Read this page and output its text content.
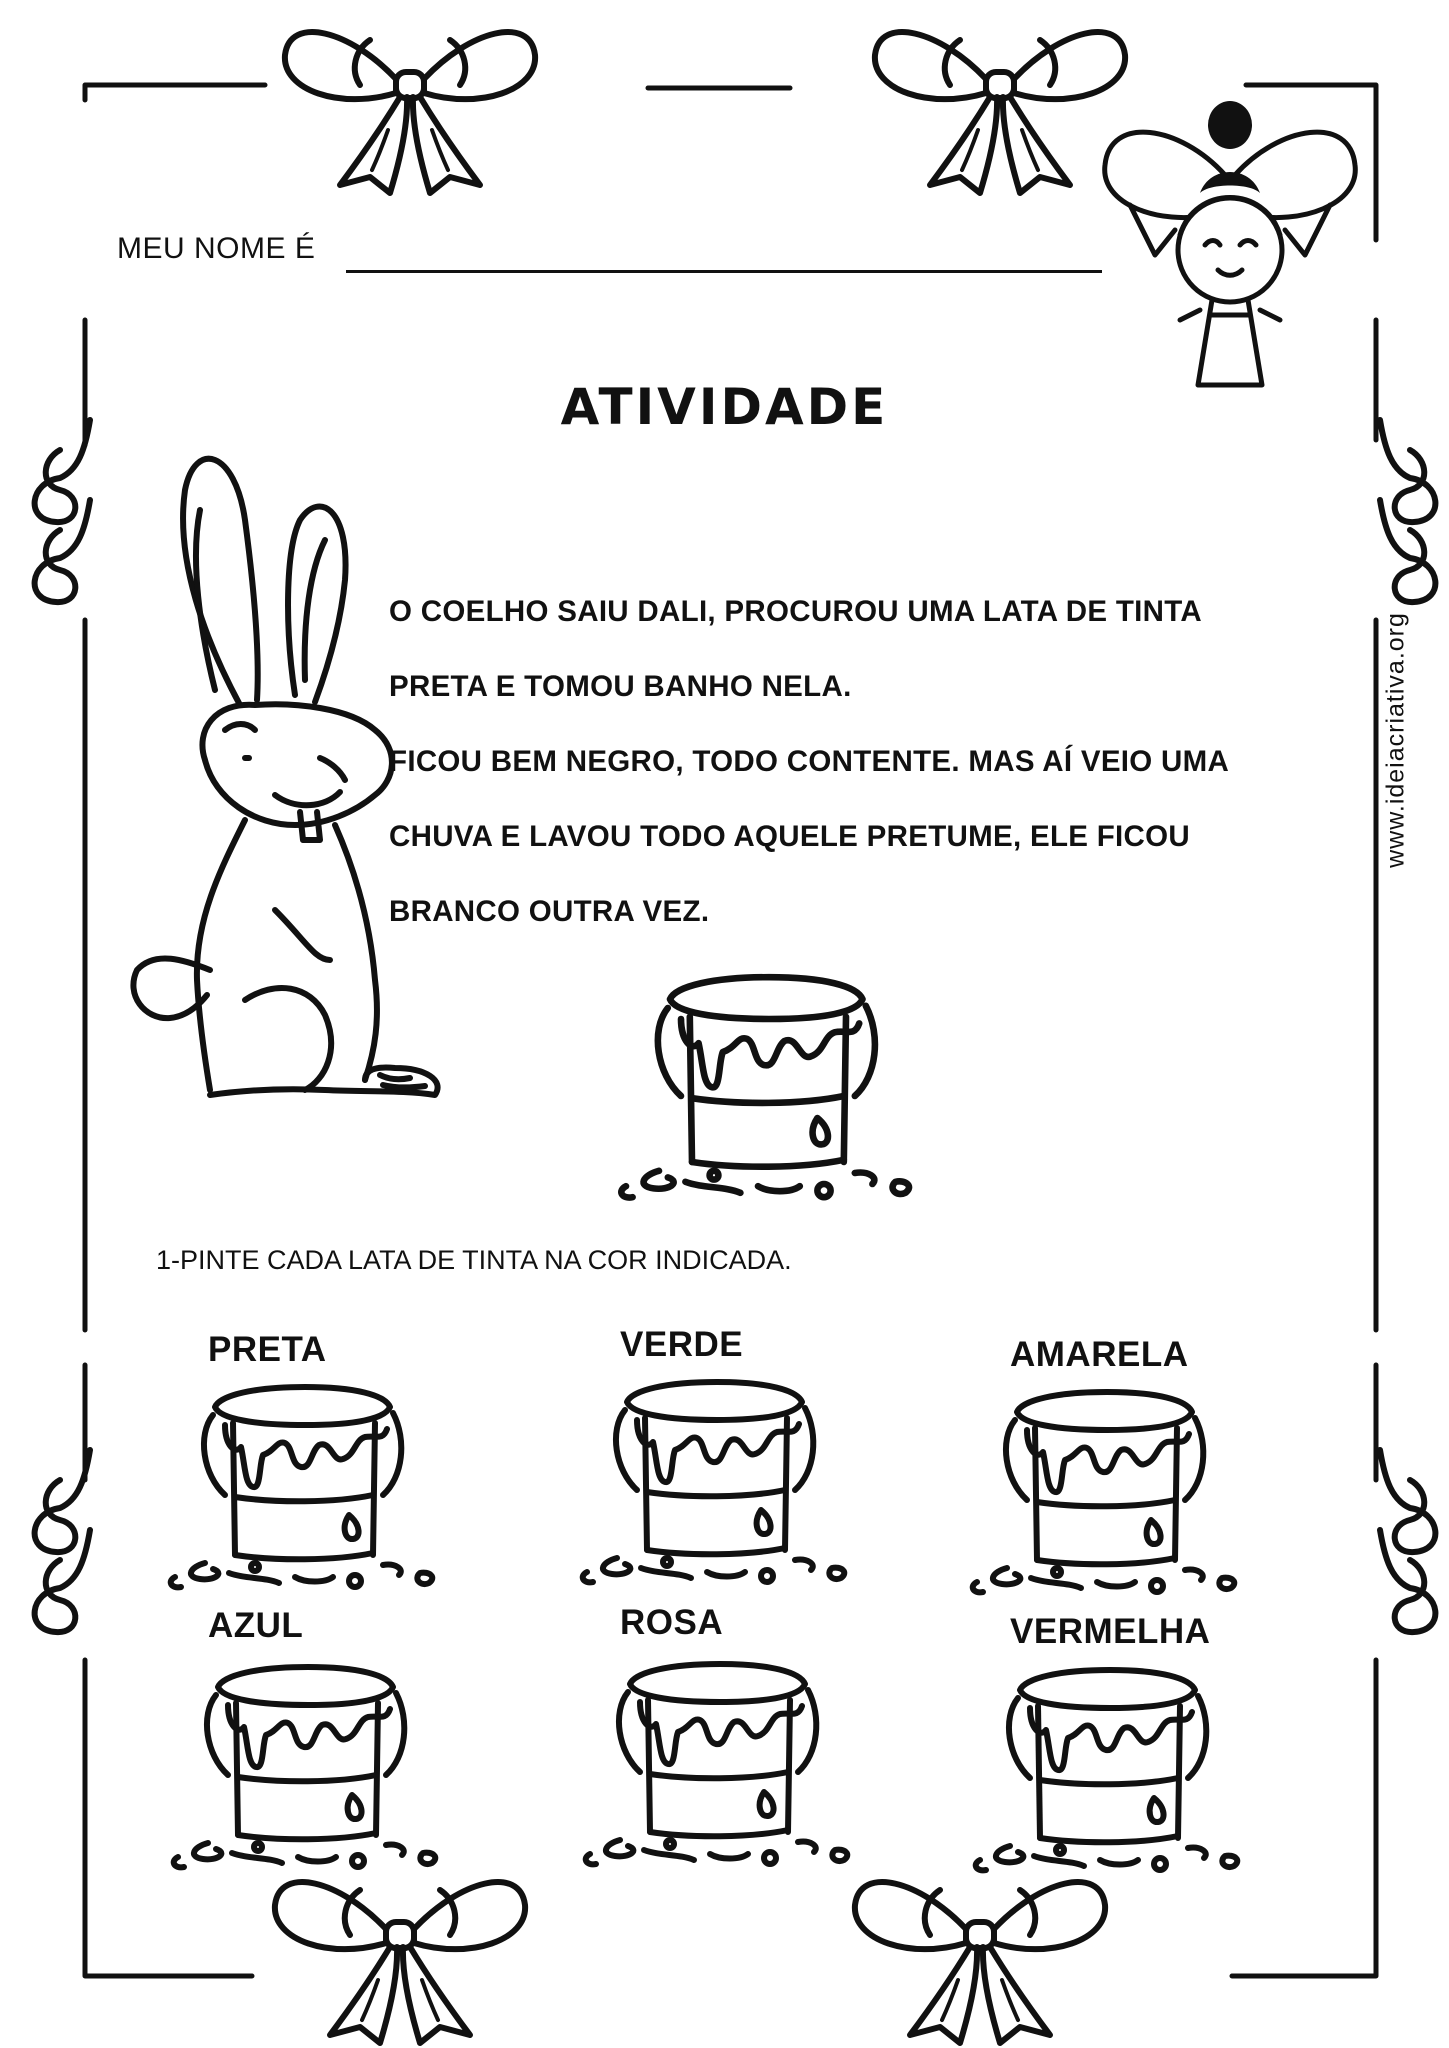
MEU NOME É
ATIVIDADE

O COELHO SAIU DALI, PROCUROU UMA LATA DE TINTA

PRETA E TOMOU BANHO NELA.

FICOU BEM NEGRO, TODO CONTENTE. MAS AÍ VEIO UMA

CHUVA E LAVOU TODO AQUELE PRETUME, ELE FICOU

BRANCO OUTRA VEZ.

1-PINTE CADA LATA DE TINTA NA COR INDICADA.
www.ideiacriativa.org
PRETA	VERDE	AMARELA
AZUL	ROSA	VERMELHA
